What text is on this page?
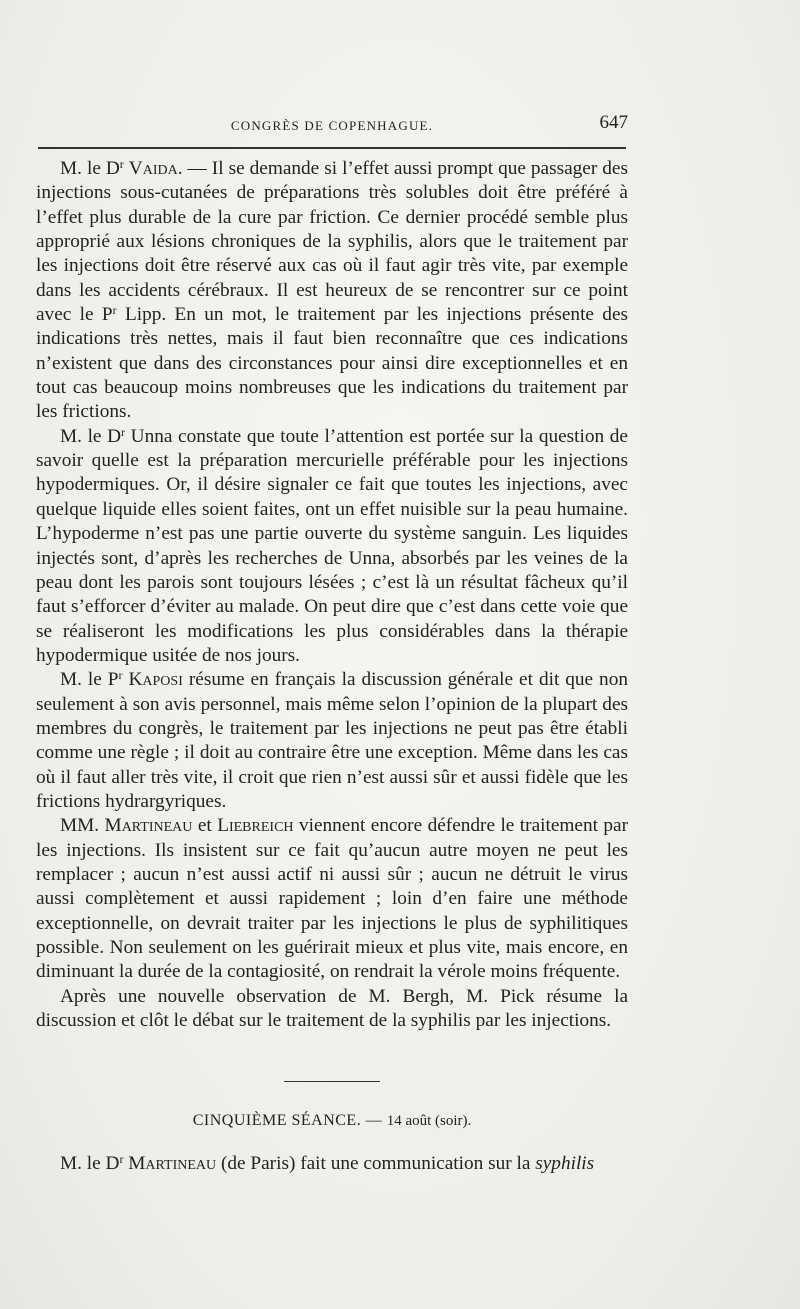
CONGRÈS DE COPENHAGUE.	647

M. le $D^r$ Vaida. — Il se demande si l’effet aussi prompt que passager des injections sous-cutanées de préparations très solubles doit être préféré à l’effet plus durable de la cure par friction. Ce dernier procédé semble plus approprié aux lésions chroniques de la syphilis, alors que le traitement par les injections doit être réservé aux cas où il faut agir très vite, par exemple dans les accidents cérébraux. Il est heureux de se rencontrer sur ce point avec le $P^r$ Lipp. En un mot, le traitement par les injections présente des indications très nettes, mais il faut bien reconnaître que ces indications n’existent que dans des circonstances pour ainsi dire exceptionnelles et en tout cas beaucoup moins nombreuses que les indications du traitement par les frictions.

M. le $D^r$ Unna constate que toute l’attention est portée sur la question de savoir quelle est la préparation mercurielle préférable pour les injections hypodermiques. Or, il désire signaler ce fait que toutes les injections, avec quelque liquide elles soient faites, ont un effet nuisible sur la peau humaine. L’hypoderme n’est pas une partie ouverte du système sanguin. Les liquides injectés sont, d’après les recherches de Unna, absorbés par les veines de la peau dont les parois sont toujours lésées ; c’est là un résultat fâcheux qu’il faut s’efforcer d’éviter au malade. On peut dire que c’est dans cette voie que se réaliseront les modifications les plus considérables dans la thérapie hypodermique usitée de nos jours.

M. le $P^r$ Kaposi résume en français la discussion générale et dit que non seulement à son avis personnel, mais même selon l’opinion de la plupart des membres du congrès, le traitement par les injections ne peut pas être établi comme une règle ; il doit au contraire être une exception. Même dans les cas où il faut aller très vite, il croit que rien n’est aussi sûr et aussi fidèle que les frictions hydrargyriques.

MM. Martineau et Liebreich viennent encore défendre le traitement par les injections. Ils insistent sur ce fait qu’aucun autre moyen ne peut les remplacer ; aucun n’est aussi actif ni aussi sûr ; aucun ne détruit le virus aussi complètement et aussi rapidement ; loin d’en faire une méthode exceptionnelle, on devrait traiter par les injections le plus de syphilitiques possible. Non seulement on les guérirait mieux et plus vite, mais encore, en diminuant la durée de la contagiosité, on rendrait la vérole moins fréquente.

Après une nouvelle observation de M. Bergh, M. Pick résume la discussion et clôt le débat sur le traitement de la syphilis par les injections.

CINQUIÈME SÉANCE. — 14 août (soir).
M. le $D^r$ Martineau (de Paris) fait une communication sur la syphilis
